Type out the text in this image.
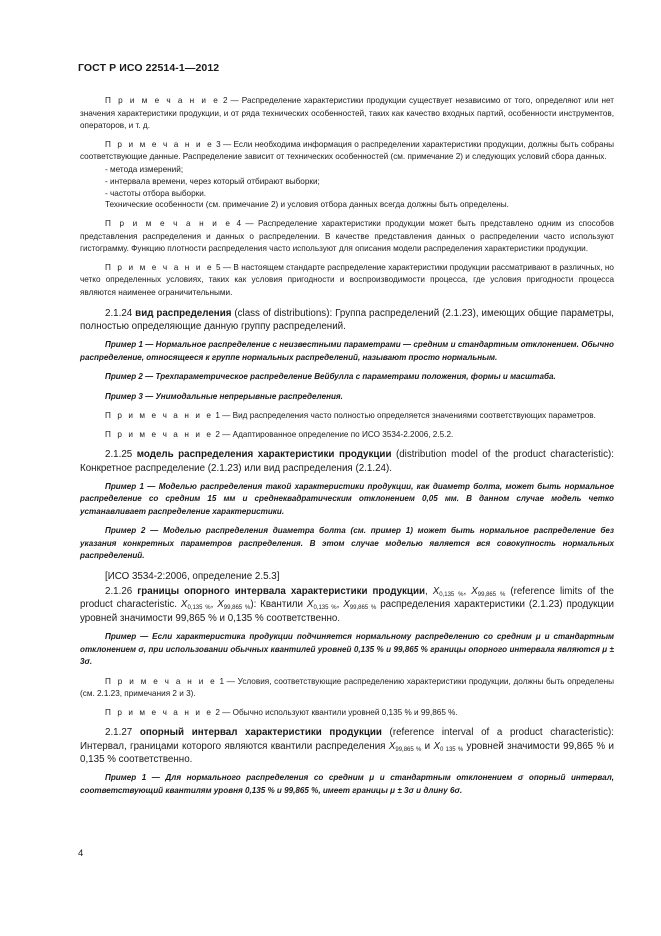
ГОСТ Р ИСО 22514-1—2012

П р и м е ч а н и е 2 — Распределение характеристики продукции существует независимо от того, определяют или нет значения характеристики продукции, и от ряда технических особенностей, таких как качество входных партий, особенности инструментов, операторов, и т. д.

П р и м е ч а н и е 3 — Если необходима информация о распределении характеристики продукции, должны быть собраны соответствующие данные. Распределение зависит от технических особенностей (см. примечание 2) и следующих условий сбора данных.

- метода измерений;

- интервала времени, через который отбирают выборки;

- частоты отбора выборки.

Технические особенности (см. примечание 2) и условия отбора данных всегда должны быть определены.

П р и м е ч а н и е 4 — Распределение характеристики продукции может быть представлено одним из способов представления распределения и данных о распределении. В качестве представления данных о распределении часто используют гистограмму. Функцию плотности распределения часто используют для описания модели распределения характеристики продукции.

П р и м е ч а н и е 5 — В настоящем стандарте распределение характеристики продукции рассматривают в различных, но четко определенных условиях, таких как условия пригодности и воспроизводимости процесса, где условия пригодности процесса являются наименее ограничительными.

2.1.24 вид распределения (class of distributions): Группа распределений (2.1.23), имеющих общие параметры, полностью определяющие данную группу распределений.

Пример 1 — Нормальное распределение с неизвестными параметрами — средним и стандартным отклонением. Обычно распределение, относящееся к группе нормальных распределений, называют просто нормальным.

Пример 2 — Трехпараметрическое распределение Вейбулла с параметрами положения, формы и масштаба.

Пример 3 — Унимодальные непрерывные распределения.

П р и м е ч а н и е 1 — Вид распределения часто полностью определяется значениями соответствующих параметров.

П р и м е ч а н и е 2 — Адаптированное определение по ИСО 3534-2.2006, 2.5.2.

2.1.25 модель распределения характеристики продукции (distribution model of the product characteristic): Конкретное распределение (2.1.23) или вид распределения (2.1.24).

Пример 1 — Моделью распределения такой характеристики продукции, как диаметр болта, может быть нормальное распределение со средним 15 мм и среднеквадратическим отклонением 0,05 мм. В данном случае модель четко устанавливает распределение характеристики.

Пример 2 — Моделью распределения диаметра болта (см. пример 1) может быть нормальное распределение без указания конкретных параметров распределения. В этом случае моделью является вся совокупность нормальных распределений.

[ИСО 3534-2:2006, определение 2.5.3]

2.1.26 границы опорного интервала характеристики продукции, $X_{0,135 \%}$, $X_{99,865 \%}$ (reference limits of the product characteristic. $X_{0,135 \%}$, $X_{99,865 \%}$): Квантили $X_{0,135 \%}$, $X_{99,865 \%}$ распределения характеристики (2.1.23) продукции уровней значимости 99,865 % и 0,135 % соответственно.

Пример — Если характеристика продукции подчиняется нормальному распределению со средним μ и стандартным отклонением σ, при использовании обычных квантилей уровней 0,135 % и 99,865 % границы опорного интервала являются μ ± 3σ.

П р и м е ч а н и е 1 — Условия, соответствующие распределению характеристики продукции, должны быть определены (см. 2.1.23, примечания 2 и 3).

П р и м е ч а н и е 2 — Обычно используют квантили уровней 0,135 % и 99,865 %.

2.1.27 опорный интервал характеристики продукции (reference interval of a product characteristic): Интервал, границами которого являются квантили распределения $X_{99,865 \%}$ и $X_{0 135 \%}$ уровней значимости 99,865 % и 0,135 % соответственно.

Пример 1 — Для нормального распределения со средним μ и стандартным отклонением σ опорный интервал, соответствующий квантилям уровня 0,135 % и 99,865 %, имеет границы μ ± 3σ и длину 6σ.

4
